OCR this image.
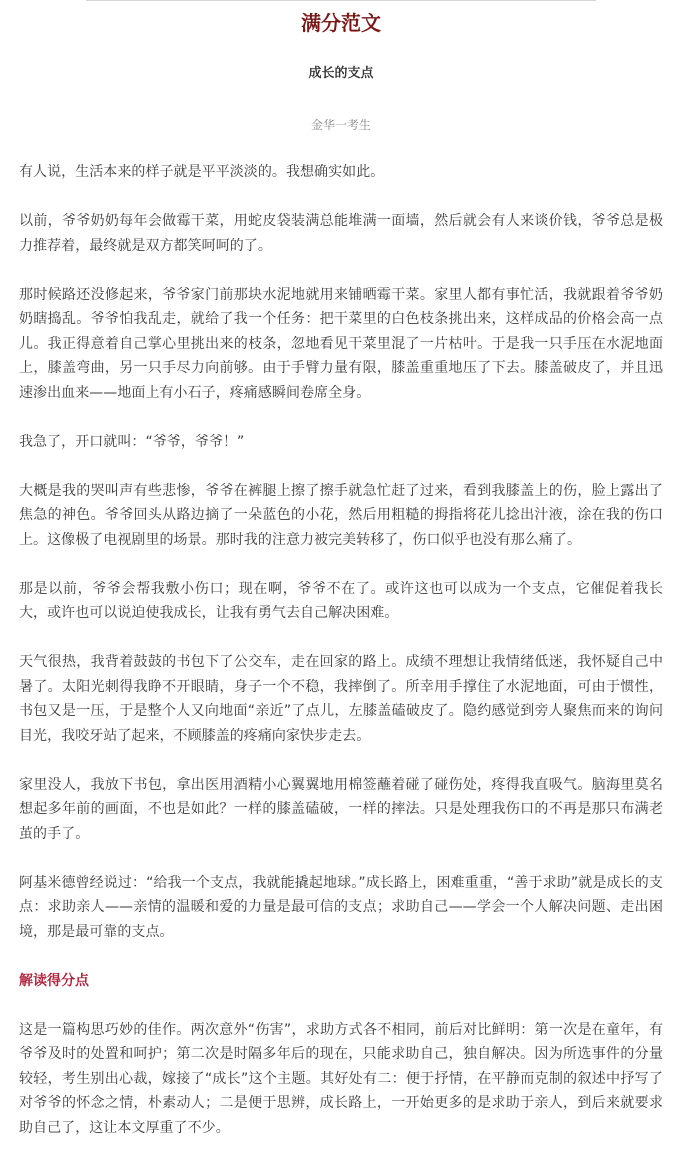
满分范文
成长的支点
金华一考生

有人说，生活本来的样子就是平平淡淡的。我想确实如此。

以前，爷爷奶奶每年会做霉干菜，用蛇皮袋装满总能堆满一面墙，然后就会有人来谈价钱，爷爷总是极力推荐着，最终就是双方都笑呵呵的了。

那时候路还没修起来，爷爷家门前那块水泥地就用来铺晒霉干菜。家里人都有事忙活，我就跟着爷爷奶奶瞎捣乱。爷爷怕我乱走，就给了我一个任务：把干菜里的白色枝条挑出来，这样成品的价格会高一点儿。我正得意着自己掌心里挑出来的枝条，忽地看见干菜里混了一片枯叶。于是我一只手压在水泥地面上，膝盖弯曲，另一只手尽力向前够。由于手臂力量有限，膝盖重重地压了下去。膝盖破皮了，并且迅速渗出血来——地面上有小石子，疼痛感瞬间卷席全身。

我急了，开口就叫：“爷爷，爷爷！”

大概是我的哭叫声有些悲惨，爷爷在裤腿上擦了擦手就急忙赶了过来，看到我膝盖上的伤，脸上露出了焦急的神色。爷爷回头从路边摘了一朵蓝色的小花，然后用粗糙的拇指将花儿捻出汁液，涂在我的伤口上。这像极了电视剧里的场景。那时我的注意力被完美转移了，伤口似乎也没有那么痛了。

那是以前，爷爷会帮我敷小伤口；现在啊，爷爷不在了。或许这也可以成为一个支点，它催促着我长大，或许也可以说迫使我成长，让我有勇气去自己解决困难。

天气很热，我背着鼓鼓的书包下了公交车，走在回家的路上。成绩不理想让我情绪低迷，我怀疑自己中暑了。太阳光刺得我睁不开眼睛，身子一个不稳，我摔倒了。所幸用手撑住了水泥地面，可由于惯性，书包又是一压，于是整个人又向地面“亲近”了点儿，左膝盖磕破皮了。隐约感觉到旁人聚焦而来的询问目光，我咬牙站了起来，不顾膝盖的疼痛向家快步走去。

家里没人，我放下书包，拿出医用酒精小心翼翼地用棉签蘸着碰了碰伤处，疼得我直吸气。脑海里莫名想起多年前的画面，不也是如此？一样的膝盖磕破，一样的摔法。只是处理我伤口的不再是那只布满老茧的手了。

阿基米德曾经说过：“给我一个支点，我就能撬起地球。”成长路上，困难重重，“善于求助”就是成长的支点：求助亲人——亲情的温暖和爱的力量是最可信的支点；求助自己——学会一个人解决问题、走出困境，那是最可靠的支点。

解读得分点

这是一篇构思巧妙的佳作。两次意外“伤害”，求助方式各不相同，前后对比鲜明：第一次是在童年，有爷爷及时的处置和呵护；第二次是时隔多年后的现在，只能求助自己，独自解决。因为所选事件的分量较轻，考生别出心裁，嫁接了“成长”这个主题。其好处有二：便于抒情，在平静而克制的叙述中抒写了对爷爷的怀念之情，朴素动人；二是便于思辨，成长路上，一开始更多的是求助于亲人，到后来就要求助自己了，这让本文厚重了不少。
